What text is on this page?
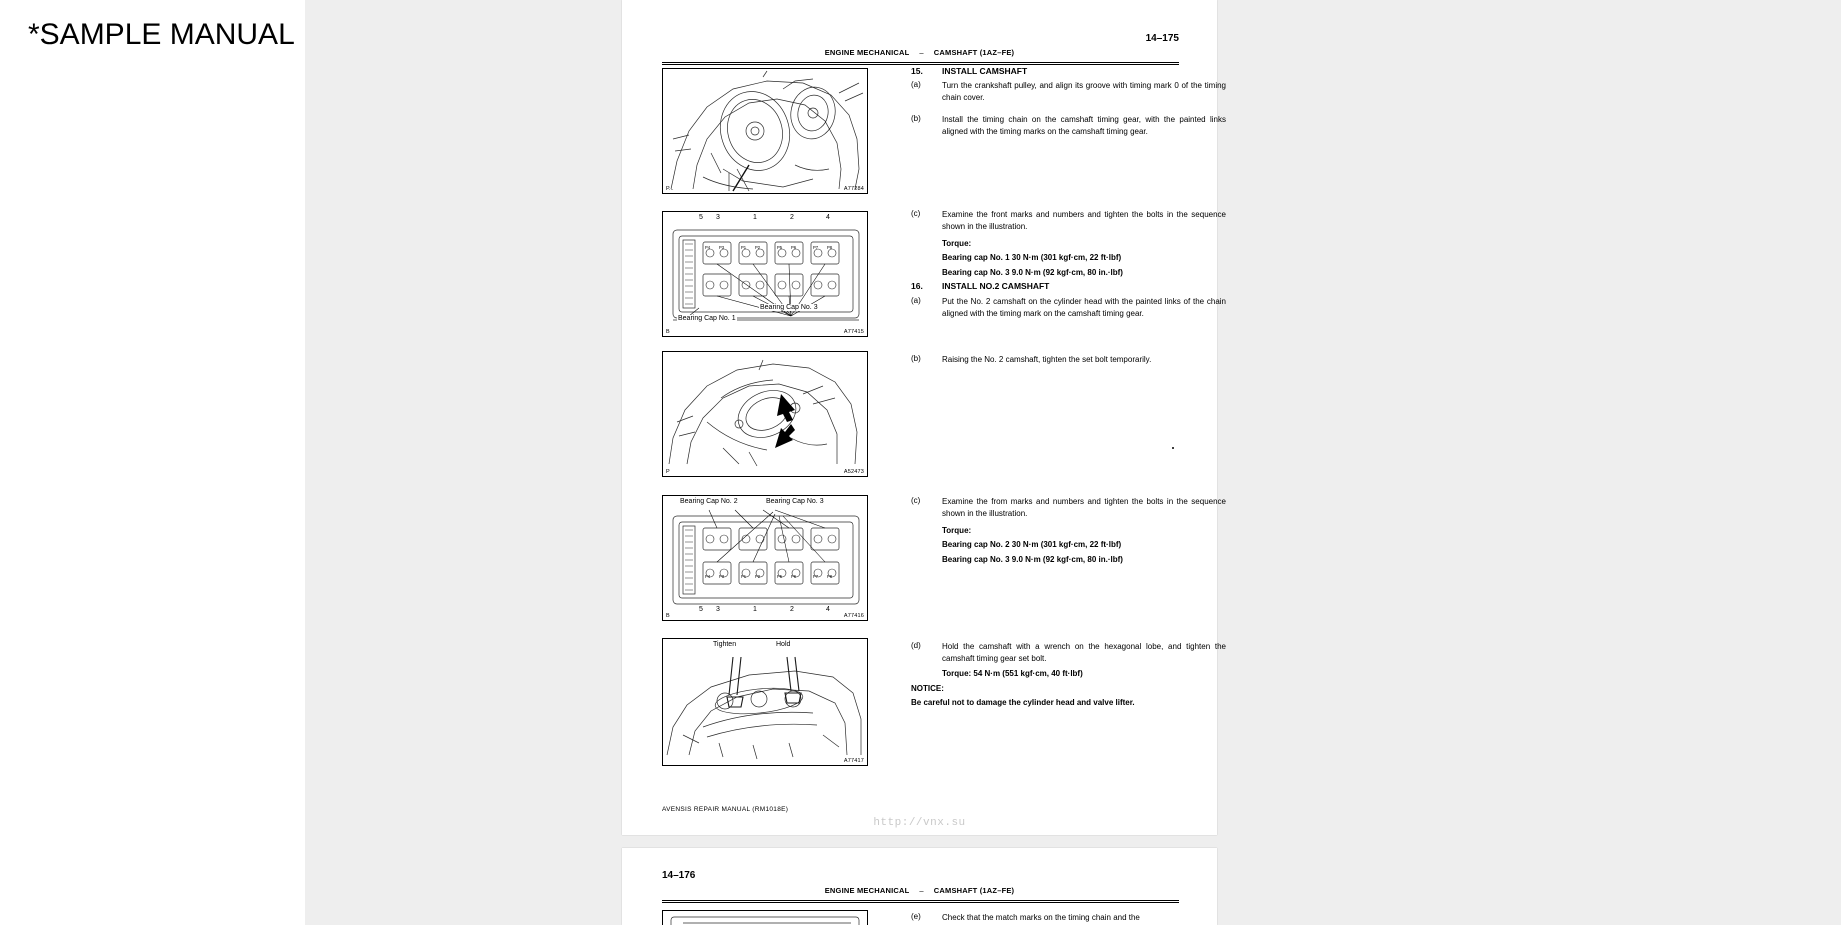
*SAMPLE MANUAL	14–175
ENGINE MECHANICAL – CAMSHAFT (1AZ–FE)
P...	A77284
15. INSTALL CAMSHAFT
(a)	Turn the crankshaft pulley, and align its groove with timing mark 0 of the timing chain cover.
(b)	Install the timing chain on the camshaft timing gear, with the painted links aligned with the timing marks on the camshaft timing gear.
P4 P3	P1 P2	P5 P6	P7 P8
5 3	1	2	4
Bearing Cap No. 1
Bearing Cap No. 3
B	A77415
(c)	Examine the front marks and numbers and tighten the bolts in the sequence shown in the illustration.
Torque:
Bearing cap No. 1 30 N·m (301 kgf·cm, 22 ft·lbf)
Bearing cap No. 3 9.0 N·m (92 kgf·cm, 80 in.·lbf)
16. INSTALL NO.2 CAMSHAFT
(a)	Put the No. 2 camshaft on the cylinder head with the painted links of the chain aligned with the timing mark on the camshaft timing gear.
P	A52473
(b)	Raising the No. 2 camshaft, tighten the set bolt temporarily.
P4 P3	P1 P2	P5 P6	P7 P8
Bearing Cap No. 2	Bearing Cap No. 3
5 3	1	2	4
B	A77416
(c)	Examine the from marks and numbers and tighten the bolts in the sequence shown in the illustration.
Torque:
Bearing cap No. 2 30 N·m (301 kgf·cm, 22 ft·lbf)
Bearing cap No. 3 9.0 N·m (92 kgf·cm, 80 in.·lbf)
Tighten	Hold
A77417
(d)	Hold the camshaft with a wrench on the hexagonal lobe, and tighten the camshaft timing gear set bolt.
Torque: 54 N·m (551 kgf·cm, 40 ft·lbf)
NOTICE:
Be careful not to damage the cylinder head and valve lifter.
AVENSIS REPAIR MANUAL (RM1018E)
http://vnx.su
14–176
ENGINE MECHANICAL – CAMSHAFT (1AZ–FE)
(e)	Check that the match marks on the timing chain and the
